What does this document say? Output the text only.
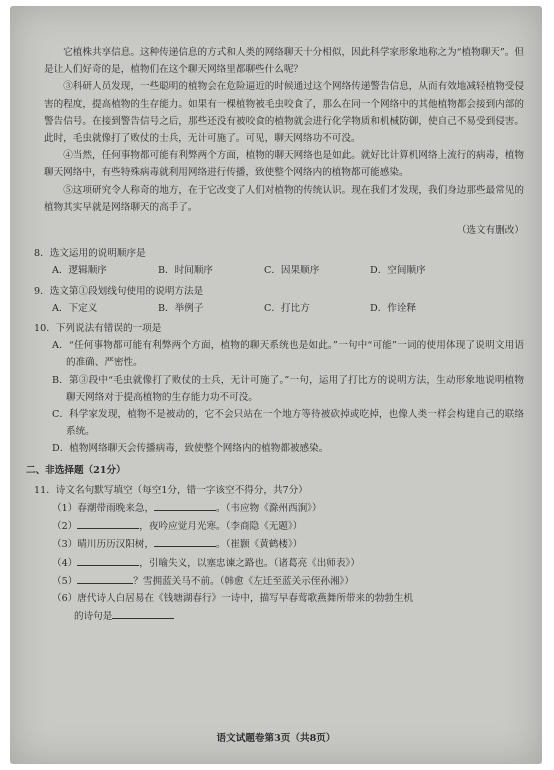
它植株共享信息。这种传递信息的方式和人类的网络聊天十分相似，因此科学家形象地称之为“植物聊天”。但是让人们好奇的是，植物们在这个聊天网络里都聊些什么呢？

③科研人员发现，一些聪明的植物会在危险逼近的时候通过这个网络传递警告信息，从而有效地减轻植物受侵害的程度，提高植物的生存能力。如果有一棵植物被毛虫咬食了，那么在同一个网络中的其他植物都会接到内部的警告信号。在接到警告信号之后，那些还没有被咬食的植物就会进行化学物质和机械防御，使自己不易受到侵害。此时，毛虫就像打了败仗的士兵，无计可施了。可见，聊天网络功不可没。

④当然，任何事物都可能有利弊两个方面，植物的聊天网络也是如此。就好比计算机网络上流行的病毒，植物聊天网络中，有些特殊病毒就利用网络进行传播，致使整个网络内的植物都可能感染。

⑤这项研究令人称奇的地方，在于它改变了人们对植物的传统认识。现在我们才发现，我们身边那些最常见的植物其实早就是网络聊天的高手了。

（选文有删改）
8．选文运用的说明顺序是
A．逻辑顺序	B．时间顺序	C．因果顺序	D．空间顺序
9．选文第①段划线句使用的说明方法是
A．下定义	B．举例子	C．打比方	D．作诠释
10．下列说法有错误的一项是
A．“任何事物都可能有利弊两个方面，植物的聊天系统也是如此。”一句中“可能”一词的使用体现了说明文用语的准确、严密性。
B．第③段中“毛虫就像打了败仗的士兵，无计可施了。”一句，运用了打比方的说明方法，生动形象地说明植物聊天网络对于提高植物的生存能力功不可没。
C．科学家发现，植物不是被动的，它不会只站在一个地方等待被砍掉或吃掉，也像人类一样会构建自己的联络系统。
D．植物网络聊天会传播病毒，致使整个网络内的植物都被感染。
二、非选择题（21分）
11．诗文名句默写填空（每空1分，错一字该空不得分，共7分）
（1）春潮带雨晚来急，	。（韦应物《滁州西涧》）
（2）	，夜吟应觉月光寒。（李商隐《无题》）
（3）晴川历历汉阳树，	。（崔颢《黄鹤楼》）
（4）	，引喻失义，以塞忠谏之路也。（诸葛亮《出师表》）
（5）	？雪拥蓝关马不前。（韩愈《左迁至蓝关示侄孙湘》）
（6）唐代诗人白居易在《钱塘湖春行》一诗中，描写早春莺歌燕舞所带来的勃勃生机
的诗句是
语文试题卷第3页（共8页）
